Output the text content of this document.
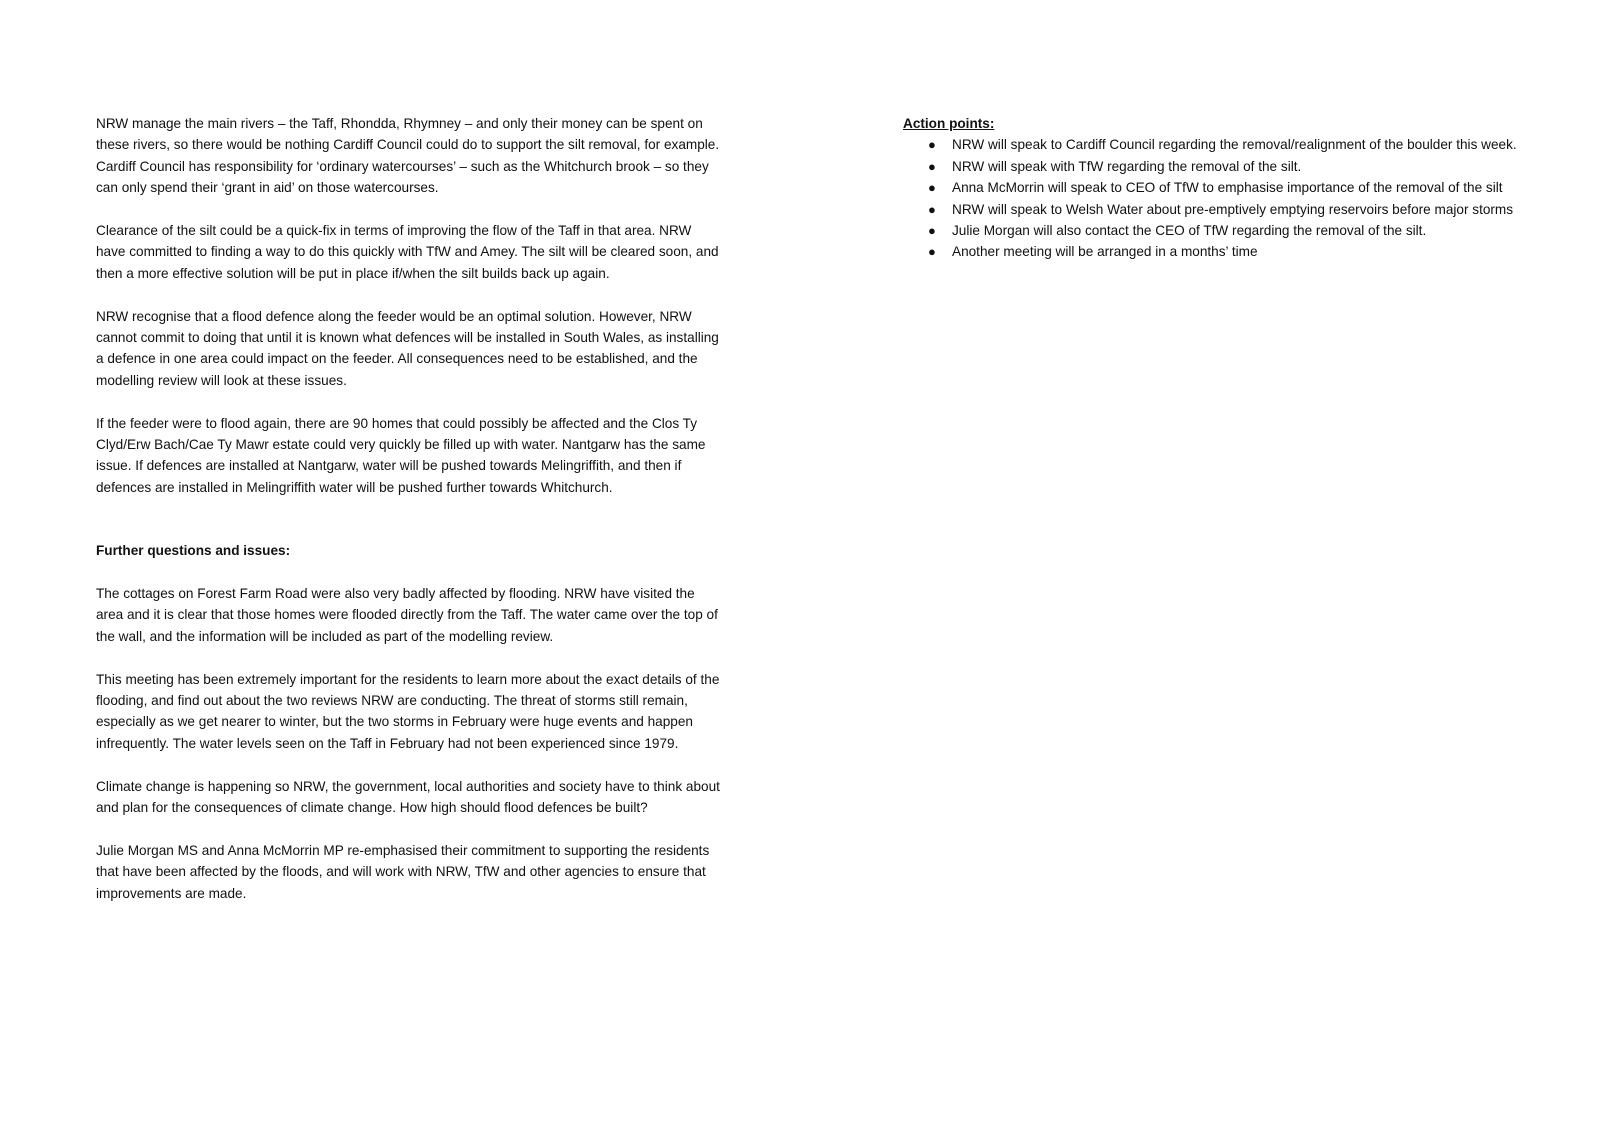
NRW manage the main rivers – the Taff, Rhondda, Rhymney – and only their money can be spent on these rivers, so there would be nothing Cardiff Council could do to support the silt removal, for example. Cardiff Council has responsibility for ‘ordinary watercourses’ – such as the Whitchurch brook – so they can only spend their ‘grant in aid’ on those watercourses.

Clearance of the silt could be a quick-fix in terms of improving the flow of the Taff in that area. NRW have committed to finding a way to do this quickly with TfW and Amey. The silt will be cleared soon, and then a more effective solution will be put in place if/when the silt builds back up again.

NRW recognise that a flood defence along the feeder would be an optimal solution. However, NRW cannot commit to doing that until it is known what defences will be installed in South Wales, as installing a defence in one area could impact on the feeder. All consequences need to be established, and the modelling review will look at these issues.

If the feeder were to flood again, there are 90 homes that could possibly be affected and the Clos Ty Clyd/Erw Bach/Cae Ty Mawr estate could very quickly be filled up with water. Nantgarw has the same issue. If defences are installed at Nantgarw, water will be pushed towards Melingriffith, and then if defences are installed in Melingriffith water will be pushed further towards Whitchurch.

Further questions and issues:

The cottages on Forest Farm Road were also very badly affected by flooding. NRW have visited the area and it is clear that those homes were flooded directly from the Taff. The water came over the top of the wall, and the information will be included as part of the modelling review.

This meeting has been extremely important for the residents to learn more about the exact details of the flooding, and find out about the two reviews NRW are conducting. The threat of storms still remain, especially as we get nearer to winter, but the two storms in February were huge events and happen infrequently. The water levels seen on the Taff in February had not been experienced since 1979.

Climate change is happening so NRW, the government, local authorities and society have to think about and plan for the consequences of climate change. How high should flood defences be built?

Julie Morgan MS and Anna McMorrin MP re-emphasised their commitment to supporting the residents that have been affected by the floods, and will work with NRW, TfW and other agencies to ensure that improvements are made.

Action points:
● NRW will speak to Cardiff Council regarding the removal/realignment of the boulder this week.
● NRW will speak with TfW regarding the removal of the silt.
● Anna McMorrin will speak to CEO of TfW to emphasise importance of the removal of the silt
● NRW will speak to Welsh Water about pre-emptively emptying reservoirs before major storms
● Julie Morgan will also contact the CEO of TfW regarding the removal of the silt.
● Another meeting will be arranged in a months’ time
